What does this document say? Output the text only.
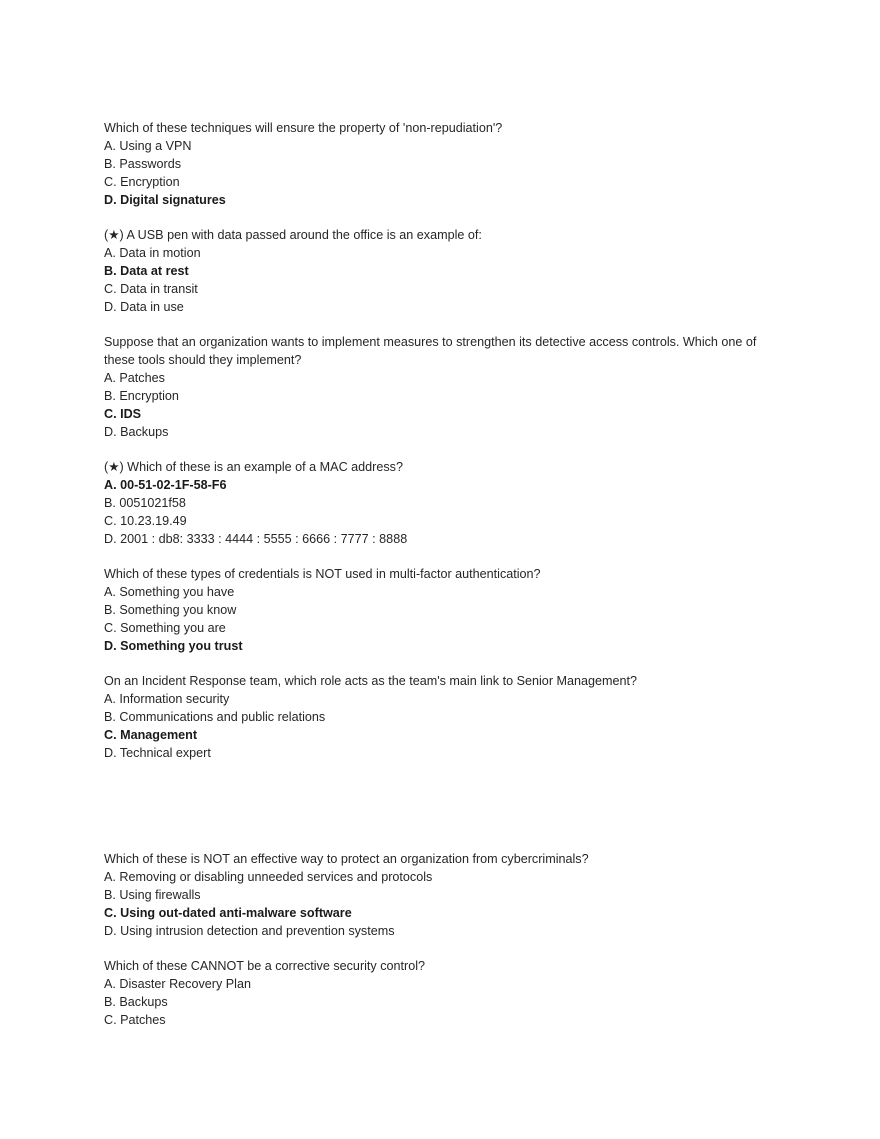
Which of these techniques will ensure the property of 'non-repudiation'?
A. Using a VPN
B. Passwords
C. Encryption
D. Digital signatures
(★) A USB pen with data passed around the office is an example of:
A. Data in motion
B. Data at rest
C. Data in transit
D. Data in use
Suppose that an organization wants to implement measures to strengthen its detective access controls. Which one of these tools should they implement?
A. Patches
B. Encryption
C. IDS
D. Backups
(★) Which of these is an example of a MAC address?
A. 00-51-02-1F-58-F6
B. 0051021f58
C. 10.23.19.49
D. 2001 : db8: 3333 : 4444 : 5555 : 6666 : 7777 : 8888
Which of these types of credentials is NOT used in multi-factor authentication?
A. Something you have
B. Something you know
C. Something you are
D. Something you trust
On an Incident Response team, which role acts as the team's main link to Senior Management?
A. Information security
B. Communications and public relations
C. Management
D. Technical expert
Which of these is NOT an effective way to protect an organization from cybercriminals?
A. Removing or disabling unneeded services and protocols
B. Using firewalls
C. Using out-dated anti-malware software
D. Using intrusion detection and prevention systems
Which of these CANNOT be a corrective security control?
A. Disaster Recovery Plan
B. Backups
C. Patches
